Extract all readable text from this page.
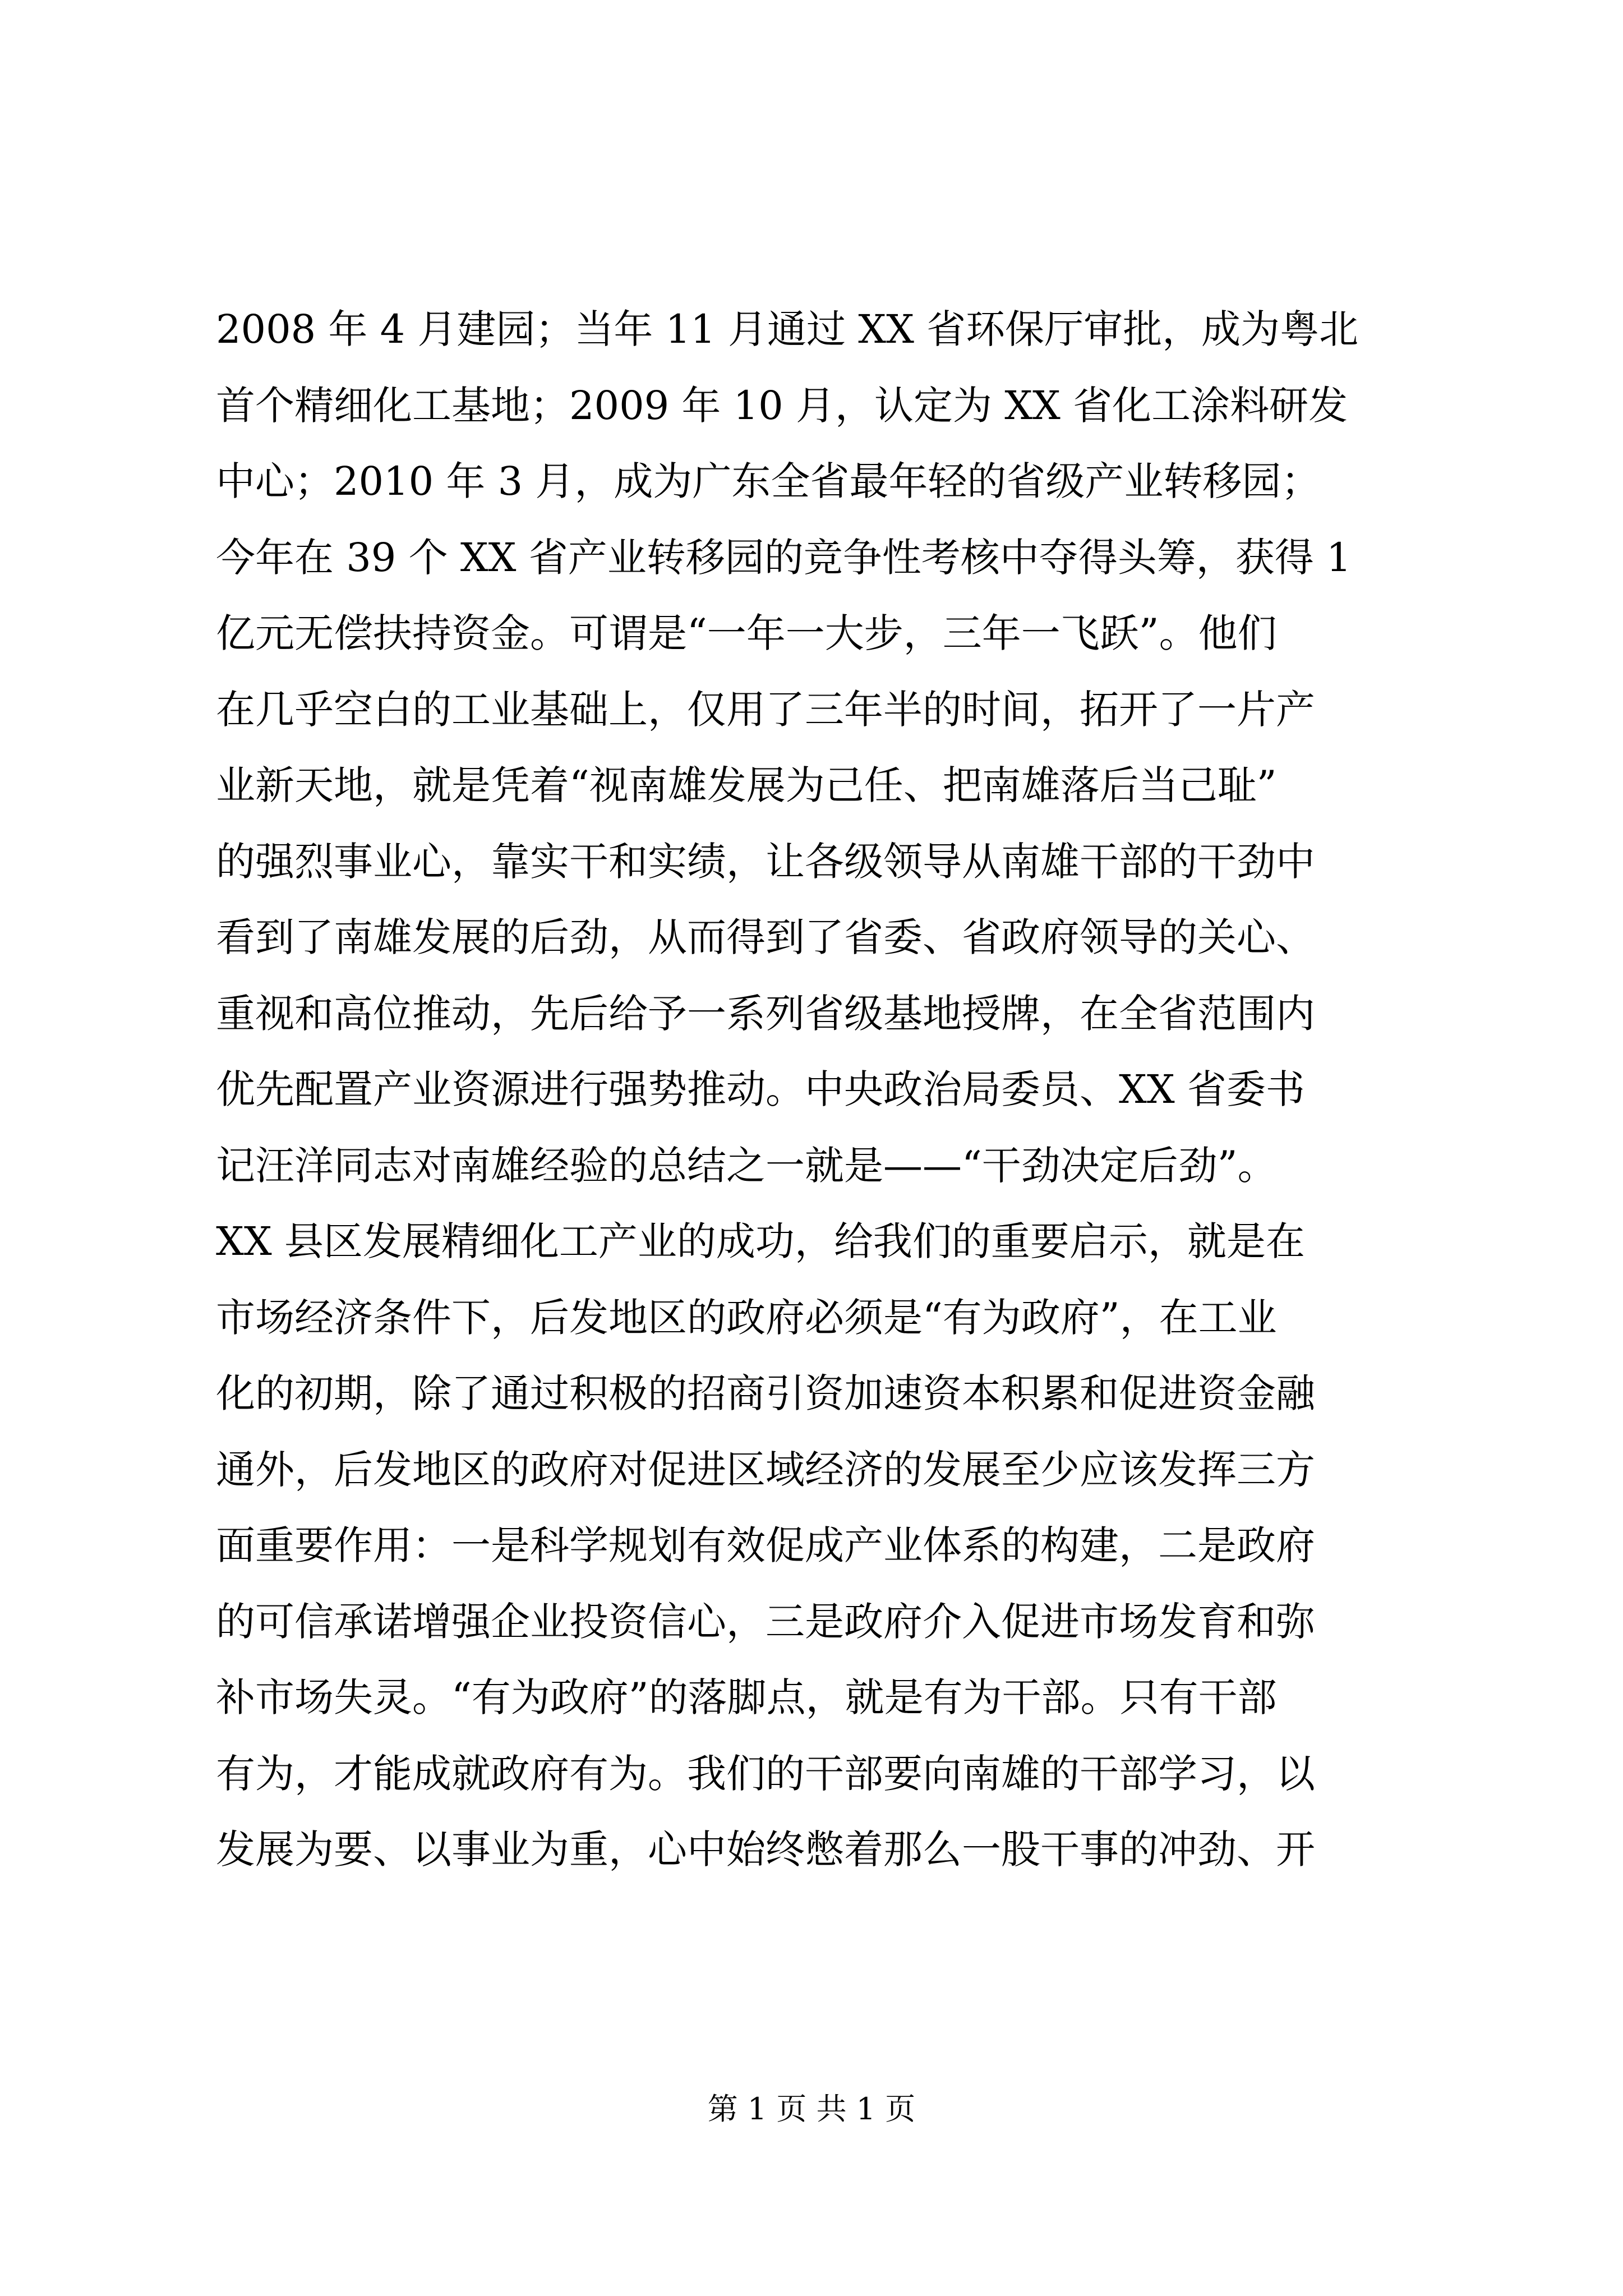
2008 年 4 月建园；当年 11 月通过 XX 省环保厅审批，成为粤北
首个精细化工基地；2009 年 10 月，认定为 XX 省化工涂料研发
中心；2010 年 3 月，成为广东全省最年轻的省级产业转移园；
今年在 39 个 XX 省产业转移园的竞争性考核中夺得头筹，获得 1
亿元无偿扶持资金。可谓是“一年一大步，三年一飞跃”。他们
在几乎空白的工业基础上，仅用了三年半的时间，拓开了一片产
业新天地，就是凭着“视南雄发展为己任、把南雄落后当己耻”
的强烈事业心，靠实干和实绩，让各级领导从南雄干部的干劲中
看到了南雄发展的后劲，从而得到了省委、省政府领导的关心、
重视和高位推动，先后给予一系列省级基地授牌，在全省范围内
优先配置产业资源进行强势推动。中央政治局委员、XX 省委书
记汪洋同志对南雄经验的总结之一就是——“干劲决定后劲”。
XX 县区发展精细化工产业的成功，给我们的重要启示，就是在
市场经济条件下，后发地区的政府必须是“有为政府”，在工业
化的初期，除了通过积极的招商引资加速资本积累和促进资金融
通外，后发地区的政府对促进区域经济的发展至少应该发挥三方
面重要作用：一是科学规划有效促成产业体系的构建，二是政府
的可信承诺增强企业投资信心，三是政府介入促进市场发育和弥
补市场失灵。“有为政府”的落脚点，就是有为干部。只有干部
有为，才能成就政府有为。我们的干部要向南雄的干部学习，以
发展为要、以事业为重，心中始终憋着那么一股干事的冲劲、开
第 1 页 共 1 页
